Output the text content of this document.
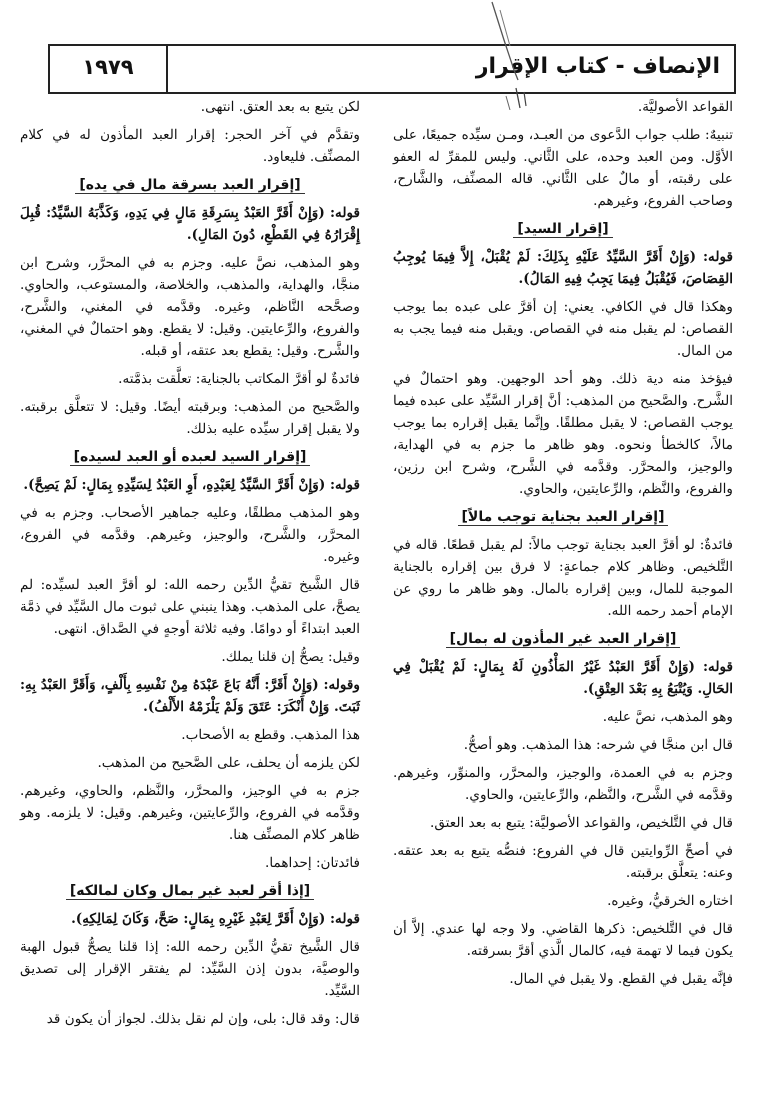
الإنصاف - كتاب الإقرار
١٩٧٩

القواعد الأصوليَّة.

تنبيهٌ: طلب جواب الدَّعوى من العبـد، ومـن سيِّده جميعًا، على الأوَّل. ومن العبد وحده، على الثَّاني. وليس للمقرِّ له العفو على رقبته، أو مالٌ على الثَّاني. قاله المصنِّف، والشَّارح، وصاحب الفروع، وغيرهم.

[إقرار السيد]

قوله: (وَإِنْ أَقَرَّ السَّيِّدُ عَلَيْهِ بِذَلِكَ: لَمْ يُقْبَلْ، إِلاَّ فِيمَا يُوجِبُ القِصَاصَ، فَيُقْبَلُ فِيمَا يَجِبُ فِيهِ المَالُ).

وهكذا قال في الكافي. يعني: إن أقرَّ على عبده بما يوجب القصاص: لم يقبل منه في القصاص. ويقبل منه فيما يجب به من المال.

فيؤخذ منه دية ذلك. وهو أحد الوجهين. وهو احتمالٌ في الشَّرح. والصَّحيح من المذهب: أنَّ إقرار السَّيِّد على عبده فيما يوجب القصاص: لا يقبل مطلقًا. وإنَّما يقبل إقراره بما يوجب مالاً، كالخطأ ونحوه. وهو ظاهر ما جزم به في الهداية، والوجيز، والمحرَّر. وقدَّمه في الشَّرح، وشرح ابن رزين، والفروع، والنَّظم، والرِّعايتين، والحاوي.

[إقرار العبد بجناية توجب مالاً]

فائدةٌ: لو أقرَّ العبد بجناية توجب مالاً: لم يقبل قطعًا. قاله في التَّلخيص. وظاهر كلام جماعةٍ: لا فرق بين إقراره بالجناية الموجبة للمال، وبين إقراره بالمال. وهو ظاهر ما روي عن الإمام أحمد رحمه الله.

[إقرار العبد غير المأذون له بمال]

قوله: (وَإِنْ أَقَرَّ العَبْدُ غَيْرُ المَأْذُونِ لَهُ بِمَالٍ: لَمْ يُقْبَلْ فِي الحَالِ. وَيُتْبَعُ بِهِ بَعْدَ العِتْقِ).

وهو المذهب، نصَّ عليه.

قال ابن منجَّا في شرحه: هذا المذهب. وهو أصحُّ.

وجزم به في العمدة، والوجيز، والمحرَّر، والمنوِّر، وغيرهم. وقدَّمه في الشَّرح، والنَّظم، والرِّعايتين، والحاوي.

قال في التَّلخيص، والقواعد الأصوليَّة: يتبع به بعد العتق.

في أصحِّ الرِّوايتين قال في الفروع: فنصُّه يتبع به بعد عتقه. وعنه: يتعلَّق برقبته.

اختاره الخرقيُّ، وغيره.

قال في التَّلخيص: ذكرها القاضي. ولا وجه لها عندي. إلاَّ أن يكون فيما لا تهمة فيه، كالمال الَّذي أقرَّ بسرقته.

فإنَّه يقبل في القطع. ولا يقبل في المال.

لكن يتبع به بعد العتق. انتهى.

وتقدَّم في آخر الحجر: إقرار العبد المأذون له في كلام المصنِّف. فليعاود.

[إقرار العبد بسرقة مال في يده]

قوله: (وَإِنْ أَقَرَّ العَبْدُ بِسَرِقَةِ مَالٍ فِي يَدِهِ، وَكَذَّبَهُ السَّيِّدُ: قُبِلَ إِقْرَارُهُ فِي القَطْعِ، دُونَ المَالِ).

وهو المذهب، نصَّ عليه. وجزم به في المحرَّر، وشرح ابن منجَّا، والهداية، والمذهب، والخلاصة، والمستوعب، والحاوي. وصحَّحه النَّاظم، وغيره. وقدَّمه في المغني، والشَّرح، والفروع، والرِّعايتين. وقيل: لا يقطع. وهو احتمالٌ في المغني، والشَّرح. وقيل: يقطع بعد عتقه، أو قبله.

فائدةٌ لو أقرَّ المكاتب بالجناية: تعلَّقت بذمَّته.

والصَّحيح من المذهب: وبرقبته أيضًا. وقيل: لا تتعلَّق برقبته. ولا يقبل إقرار سيِّده عليه بذلك.

[إقرار السيد لعبده أو العبد لسيده]

قوله: (وَإِنْ أَقَرَّ السَّيِّدُ لِعَبْدِهِ، أَوِ العَبْدُ لِسَيِّدِهِ بِمَالٍ: لَمْ يَصِحَّ).

وهو المذهب مطلقًا، وعليه جماهير الأصحاب. وجزم به في المحرَّر، والشَّرح، والوجيز، وغيرهم. وقدَّمه في الفروع، وغيره.

قال الشَّيخ تقيُّ الدِّين رحمه الله: لو أقرَّ العبد لسيِّده: لم يصحَّ، على المذهب. وهذا ينبني على ثبوت مال السَّيِّد في ذمَّة العبد ابتداءً أو دوامًا. وفيه ثلاثة أوجهٍ في الصَّداق. انتهى.

وقيل: يصحُّ إن قلنا يملك.

وقوله: (وَإِنْ أَقَرَّ: أَنَّهُ بَاعَ عَبْدَهُ مِنْ نَفْسِهِ بِأَلْفٍ، وَأَقَرَّ العَبْدُ بِهِ: ثَبَتَ. وَإِنْ أَنْكَرَ: عَتَقَ وَلَمْ يَلْزَمْهُ الأَلْفُ).

هذا المذهب. وقطع به الأصحاب.

لكن يلزمه أن يحلف، على الصَّحيح من المذهب.

جزم به في الوجيز، والمحرَّر، والنَّظم، والحاوي، وغيرهم. وقدَّمه في الفروع، والرِّعايتين، وغيرهم. وقيل: لا يلزمه. وهو ظاهر كلام المصنِّف هنا.

فائدتان: إحداهما.

[إذا أقر لعبد غير بمال وكان لمالكه]

قوله: (وَإِنْ أَقَرَّ لِعَبْدِ غَيْرِهِ بِمَالٍ: صَحَّ، وَكَانَ لِمَالِكِهِ).

قال الشَّيخ تقيُّ الدِّين رحمه الله: إذا قلنا يصحُّ قبول الهبة والوصيَّة، بدون إذن السَّيِّد: لم يفتقر الإقرار إلى تصديق السَّيِّد.

قال: وقد قال: بلى، وإن لم نقل بذلك. لجواز أن يكون قد
